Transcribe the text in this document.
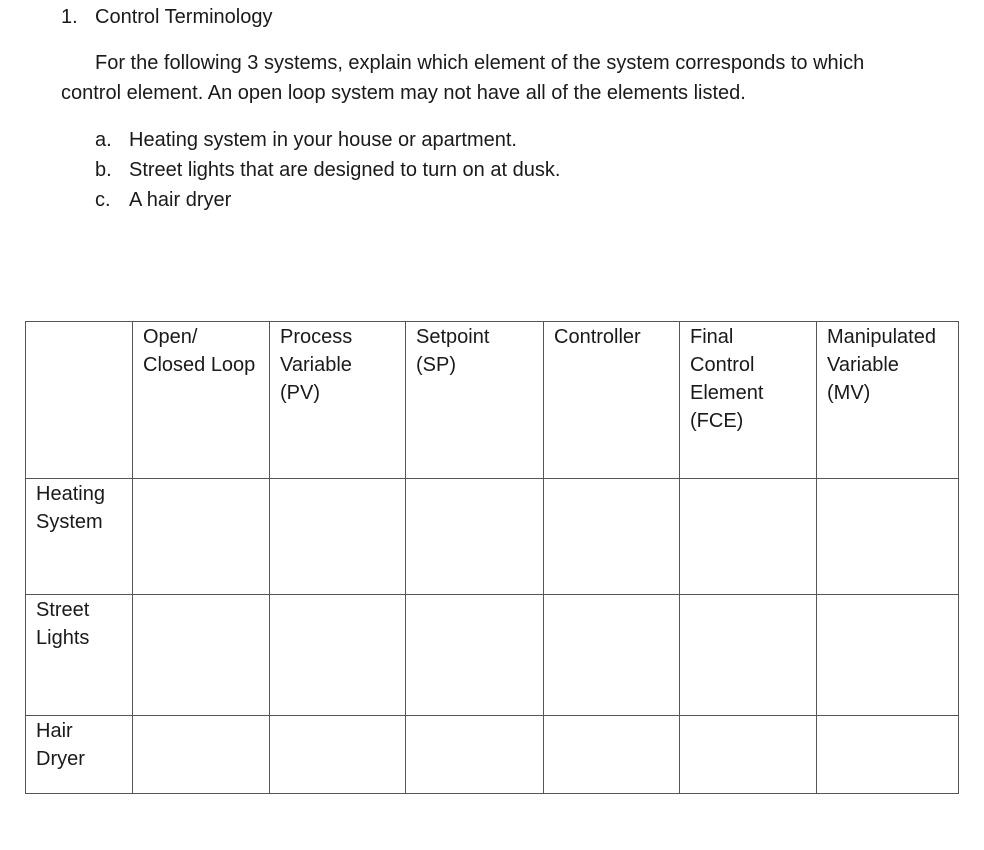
1. Control Terminology
For the following 3 systems, explain which element of the system corresponds to which
control element. An open loop system may not have all of the elements listed.
a. Heating system in your house or apartment.
b. Street lights that are designed to turn on at dusk.
c. A hair dryer

	Open/
Closed Loop	Process
Variable
(PV)	Setpoint
(SP)	Controller	Final
Control
Element
(FCE)	Manipulated
Variable
(MV)

Heating
System						

Street
Lights						

Hair
Dryer						
